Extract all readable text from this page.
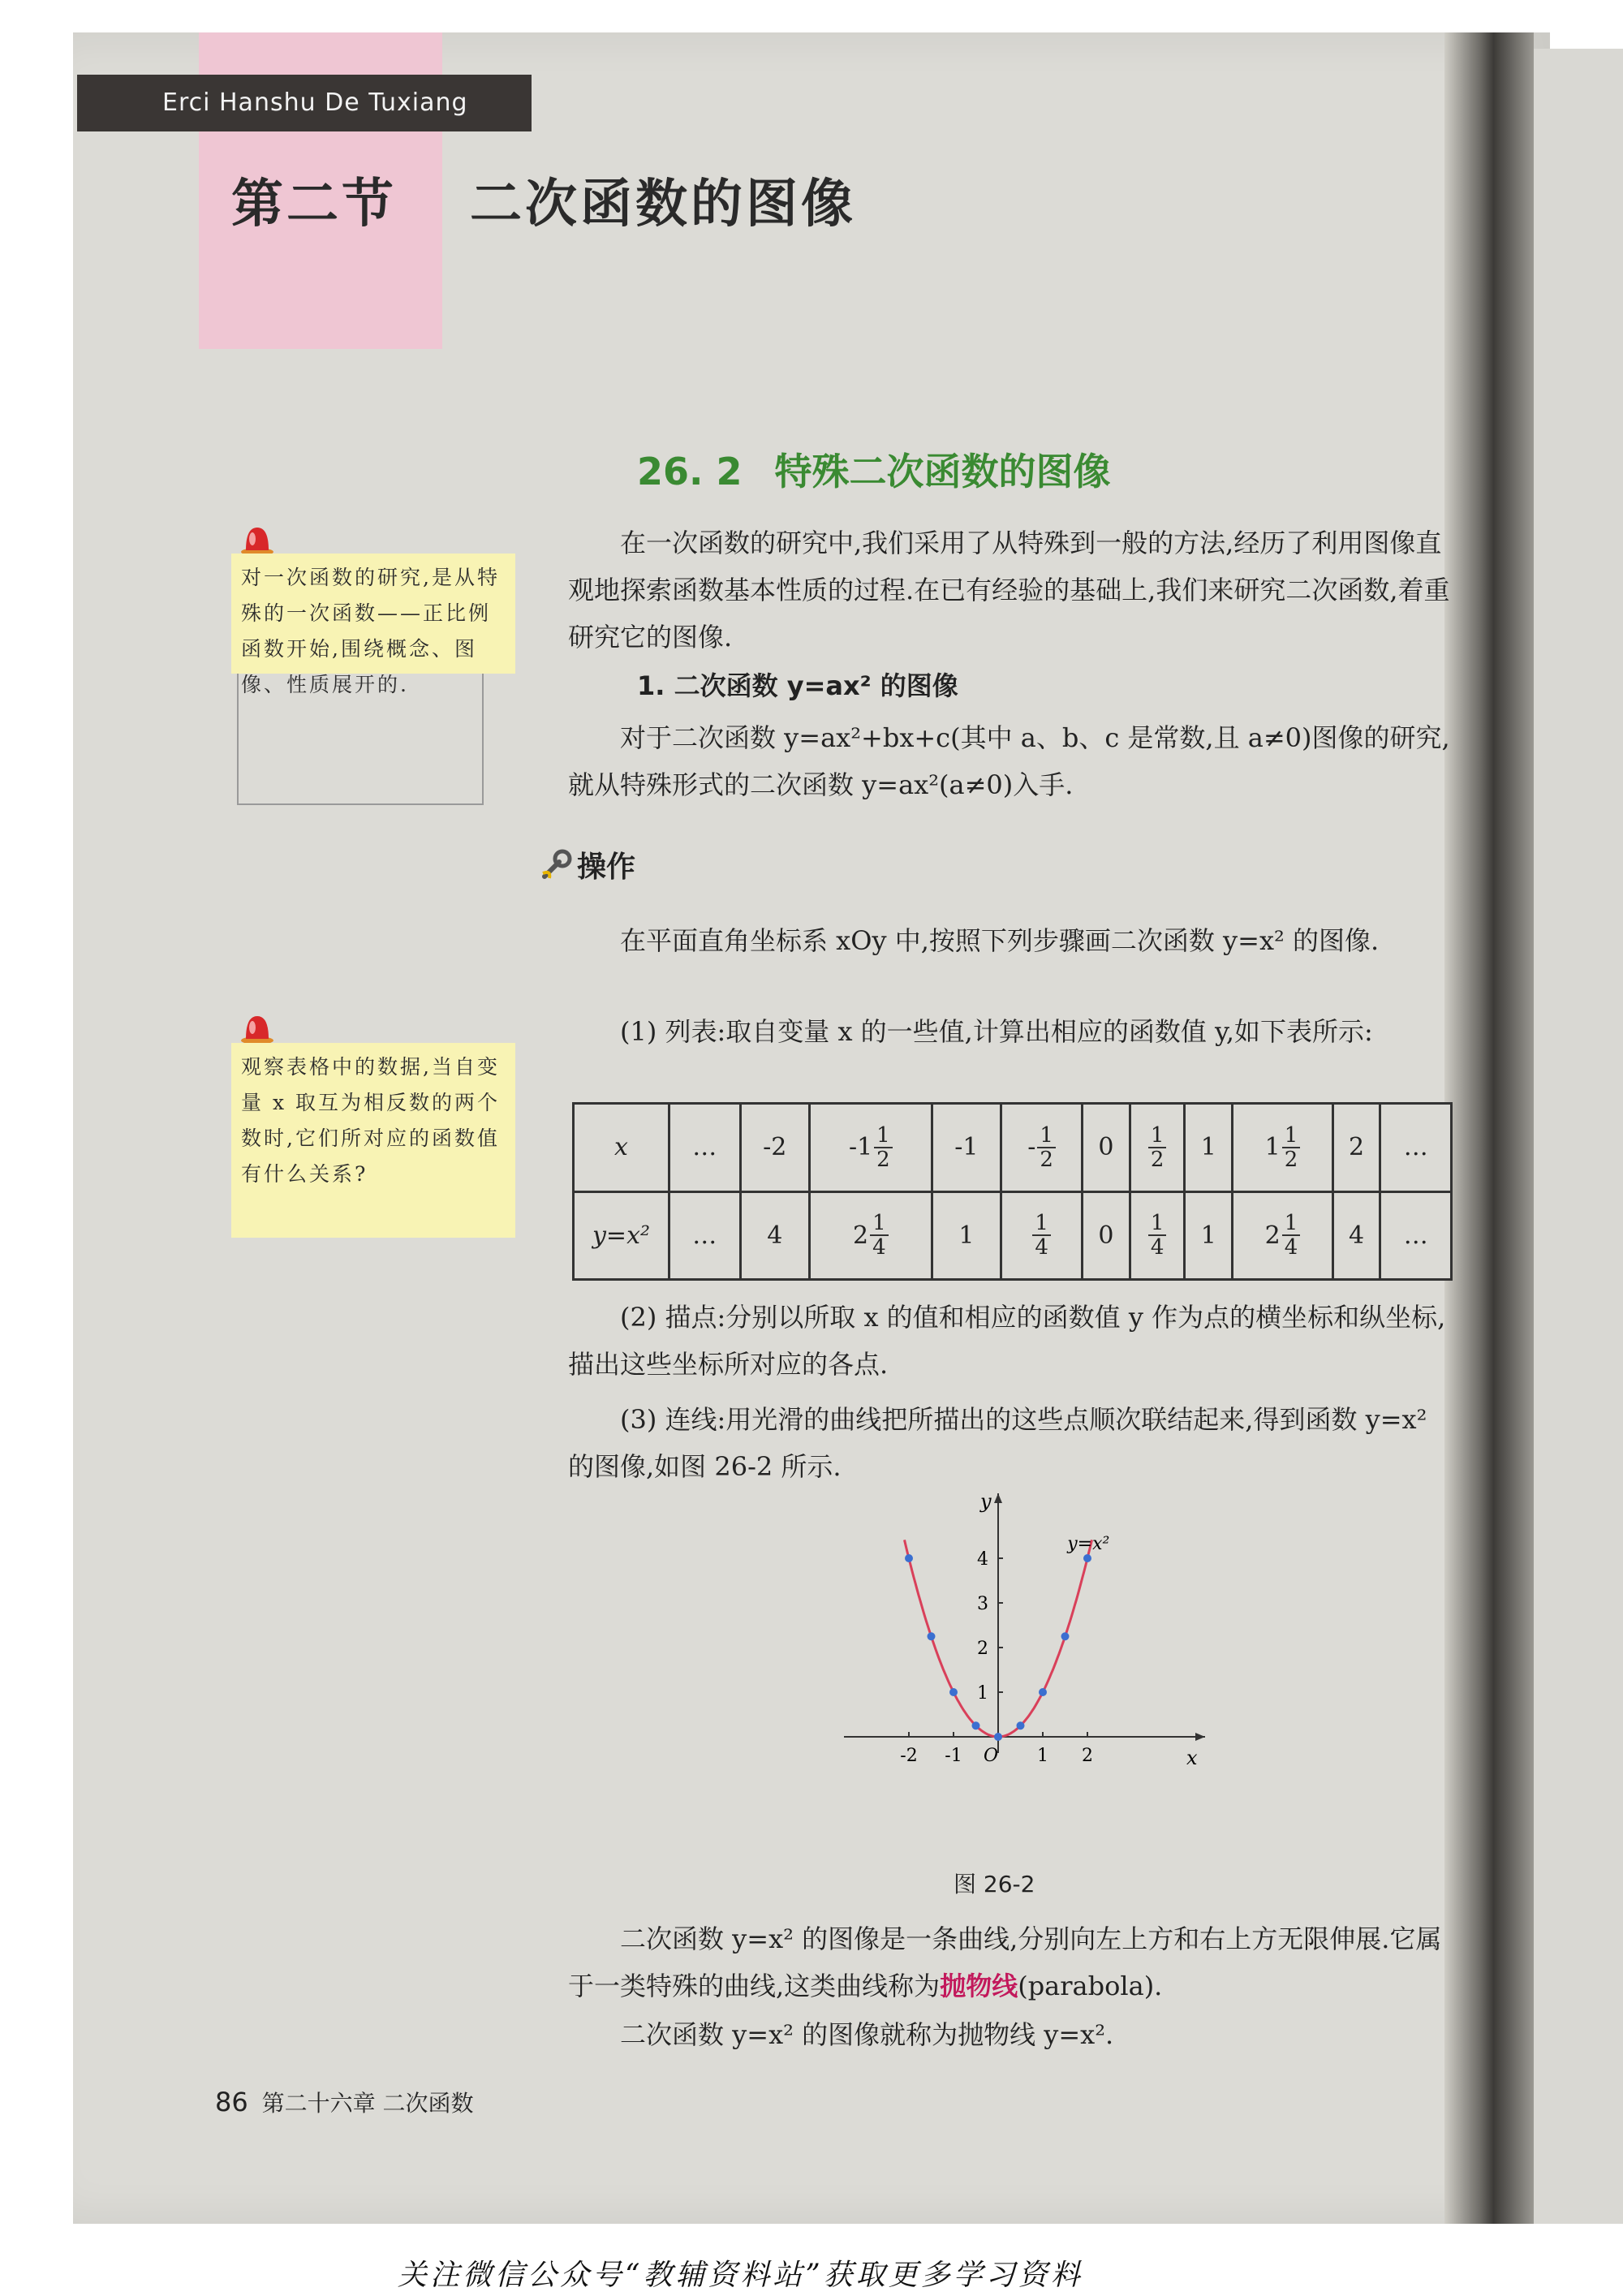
Erci Hanshu De Tuxiang
第二节 二次函数的图像
26. 2 特殊二次函数的图像
对一次函数的研究,是从特殊的一次函数——正比例函数开始,围绕概念、图像、性质展开的.
观察表格中的数据,当自变量 x 取互为相反数的两个数时,它们所对应的函数值有什么关系?
在一次函数的研究中,我们采用了从特殊到一般的方法,经历了利用图像直观地探索函数基本性质的过程.在已有经验的基础上,我们来研究二次函数,着重研究它的图像.
1. 二次函数 y=ax² 的图像
对于二次函数 y=ax²+bx+c(其中 a、b、c 是常数,且 a≠0)图像的研究,就从特殊形式的二次函数 y=ax²(a≠0)入手.
操作
在平面直角坐标系 xOy 中,按照下列步骤画二次函数 y=x² 的图像.
(1) 列表:取自变量 x 的一些值,计算出相应的函数值 y,如下表所示:
x	…	-2	$-1 \frac{1}{2}$	-1	- $\frac{1}{2}$	0	$\frac{1}{2}$	1	$1 \frac{1}{2}$	2	…
y=x²	…	4	$2 \frac{1}{4}$	1	$\frac{1}{4}$	0	$\frac{1}{4}$	1	$2 \frac{1}{4}$	4	…
(2) 描点:分别以所取 x 的值和相应的函数值 y 作为点的横坐标和纵坐标,描出这些坐标所对应的各点.
(3) 连线:用光滑的曲线把所描出的这些点顺次联结起来,得到函数 y=x² 的图像,如图 26-2 所示.
-2 -1	1 2
1
2
3
4
O	x
y
y=x²
图 26-2
二次函数 y=x² 的图像是一条曲线,分别向左上方和右上方无限伸展.它属于一类特殊的曲线,这类曲线称为抛物线(parabola).
二次函数 y=x² 的图像就称为抛物线 y=x².
86 第二十六章 二次函数
关注微信公众号“教辅资料站”获取更多学习资料
